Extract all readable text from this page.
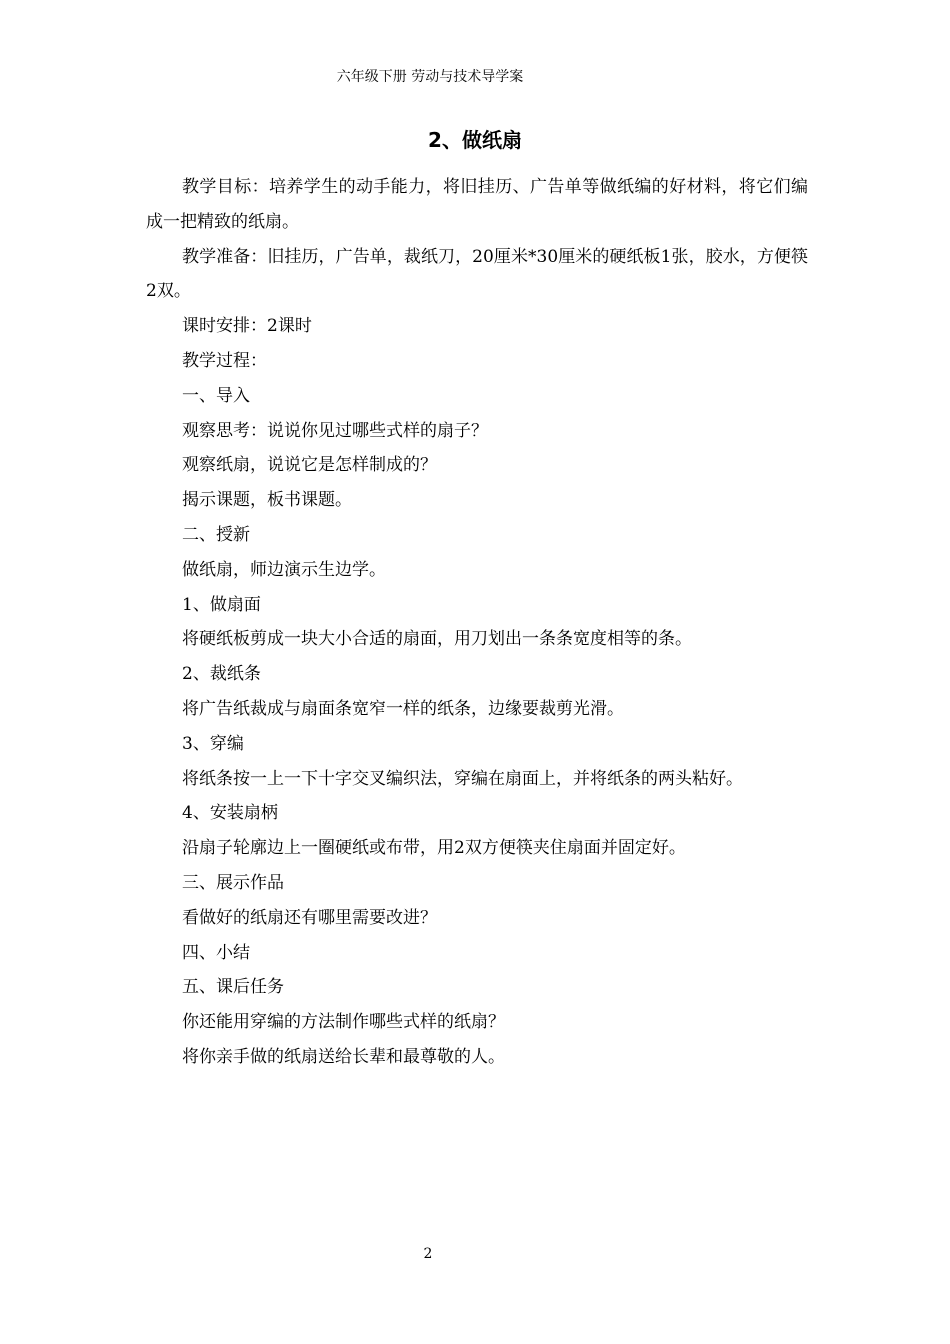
六年级下册 劳动与技术导学案
2、做纸扇

教学目标：培养学生的动手能力，将旧挂历、广告单等做纸编的好材料，将它们编成一把精致的纸扇。

教学准备：旧挂历，广告单，裁纸刀，20厘米*30厘米的硬纸板1张，胶水，方便筷2双。

课时安排：2课时

教学过程：

一、导入

观察思考：说说你见过哪些式样的扇子？

观察纸扇，说说它是怎样制成的？

揭示课题，板书课题。

二、授新

做纸扇，师边演示生边学。

1、做扇面

将硬纸板剪成一块大小合适的扇面，用刀划出一条条宽度相等的条。

2、裁纸条

将广告纸裁成与扇面条宽窄一样的纸条，边缘要裁剪光滑。

3、穿编

将纸条按一上一下十字交叉编织法，穿编在扇面上，并将纸条的两头粘好。

4、安装扇柄

沿扇子轮廓边上一圈硬纸或布带，用2双方便筷夹住扇面并固定好。

三、展示作品

看做好的纸扇还有哪里需要改进？

四、小结

五、课后任务

你还能用穿编的方法制作哪些式样的纸扇？

将你亲手做的纸扇送给长辈和最尊敬的人。

2
